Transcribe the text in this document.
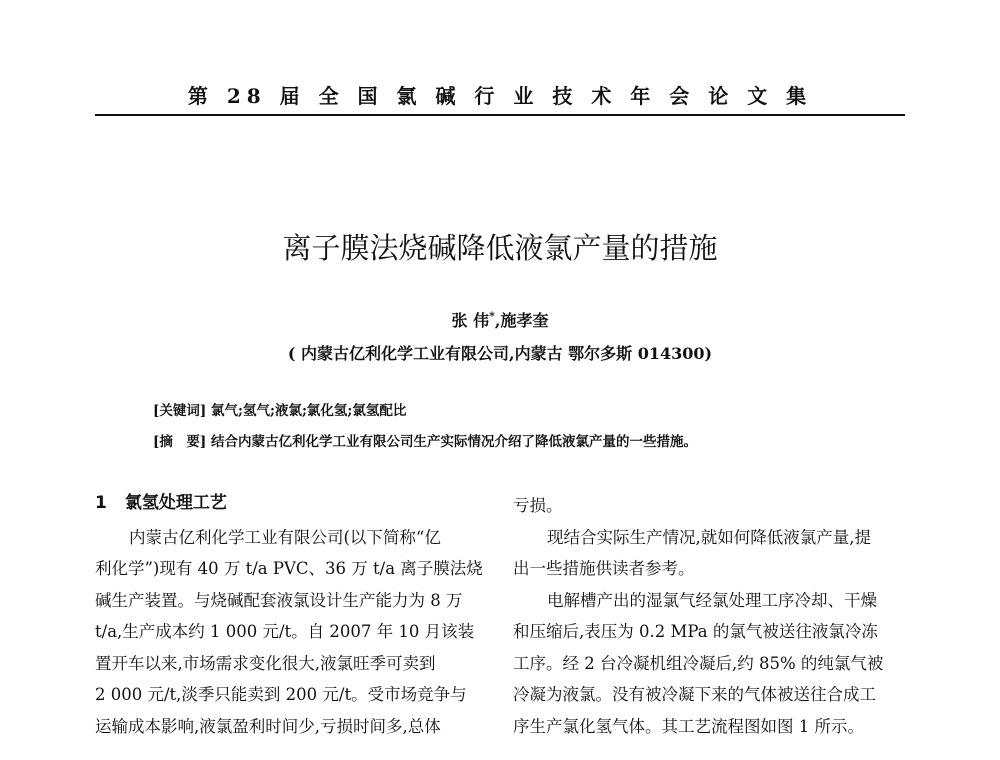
第 28 届 全 国 氯 碱 行 业 技 术 年 会 论 文 集
离子膜法烧碱降低液氯产量的措施
张 伟*,施孝奎
( 内蒙古亿利化学工业有限公司,内蒙古 鄂尔多斯 014300)
[关键词] 氯气;氢气;液氯;氯化氢;氯氢配比
[摘　要] 结合内蒙古亿利化学工业有限公司生产实际情况介绍了降低液氯产量的一些措施。
1 氯氢处理工艺
内蒙古亿利化学工业有限公司(以下简称“亿
利化学”)现有 40 万 t/a PVC、36 万 t/a 离子膜法烧
碱生产装置。与烧碱配套液氯设计生产能力为 8 万
t/a,生产成本约 1 000 元/t。自 2007 年 10 月该装
置开车以来,市场需求变化很大,液氯旺季可卖到
2 000 元/t,淡季只能卖到 200 元/t。受市场竞争与
运输成本影响,液氯盈利时间少,亏损时间多,总体
亏损。
现结合实际生产情况,就如何降低液氯产量,提
出一些措施供读者参考。
电解槽产出的湿氯气经氯处理工序冷却、干燥
和压缩后,表压为 0.2 MPa 的氯气被送往液氯冷冻
工序。经 2 台冷凝机组冷凝后,约 85% 的纯氯气被
冷凝为液氯。没有被冷凝下来的气体被送往合成工
序生产氯化氢气体。其工艺流程图如图 1 所示。
